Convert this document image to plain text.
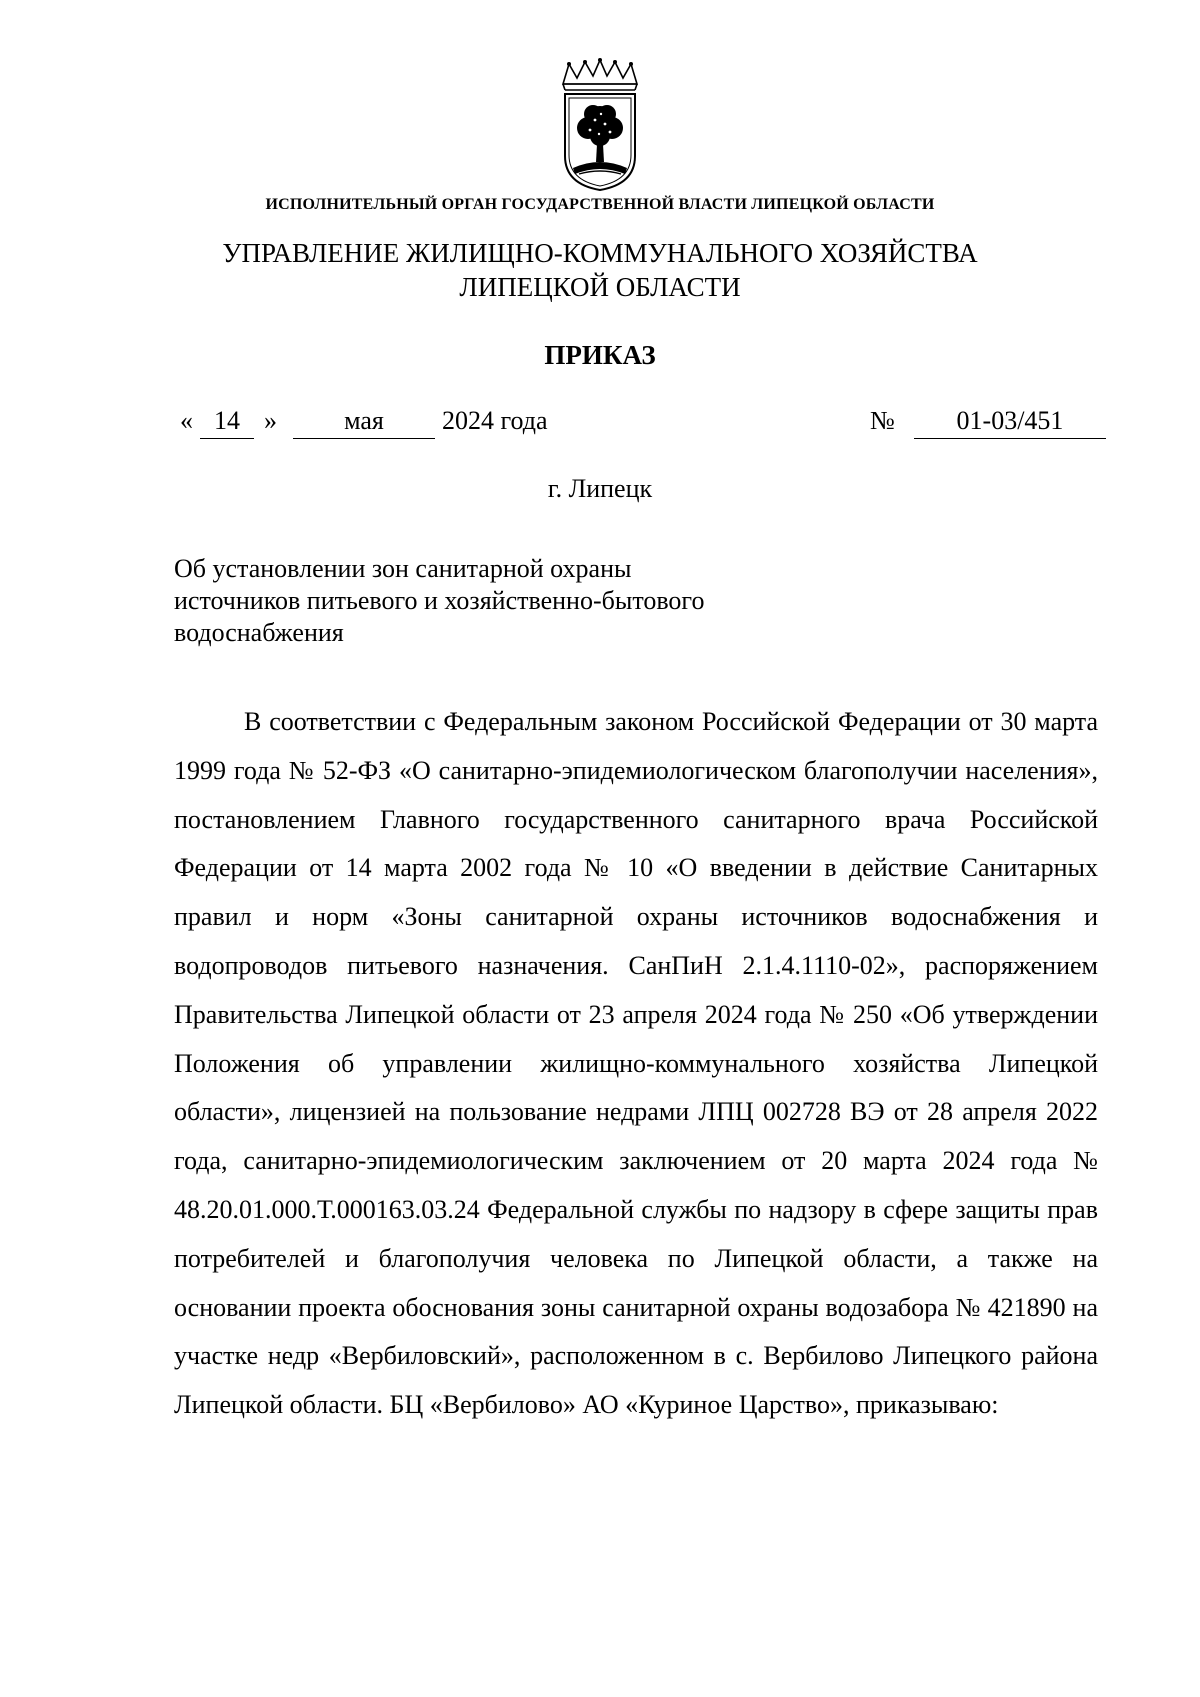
ИСПОЛНИТЕЛЬНЫЙ ОРГАН ГОСУДАРСТВЕННОЙ ВЛАСТИ ЛИПЕЦКОЙ ОБЛАСТИ
УПРАВЛЕНИЕ ЖИЛИЩНО-КОММУНАЛЬНОГО ХОЗЯЙСТВА
ЛИПЕЦКОЙ ОБЛАСТИ
ПРИКАЗ
« 14 »	мая	2024 года	№	01-03/451
г. Липецк
Об установлении зон санитарной охраны
источников питьевого и хозяйственно-бытового
водоснабжения

В соответствии с Федеральным законом Российской Федерации от 30 марта 1999 года № 52-ФЗ «О санитарно-эпидемиологическом благополучии населения», постановлением Главного государственного санитарного врача Российской Федерации от 14 марта 2002 года № 10 «О введении в действие Санитарных правил и норм «Зоны санитарной охраны источников водоснабжения и водопроводов питьевого назначения. СанПиН 2.1.4.1110-02», распоряжением Правительства Липецкой области от 23 апреля 2024 года № 250 «Об утверждении Положения об управлении жилищно-коммунального хозяйства Липецкой области», лицензией на пользование недрами ЛПЦ 002728 ВЭ от 28 апреля 2022 года, санитарно-эпидемиологическим заключением от 20 марта 2024 года № 48.20.01.000.Т.000163.03.24 Федеральной службы по надзору в сфере защиты прав потребителей и благополучия человека по Липецкой области, а также на основании проекта обоснования зоны санитарной охраны водозабора № 421890 на участке недр «Вербиловский», расположенном в с. Вербилово Липецкого района Липецкой области. БЦ «Вербилово» АО «Куриное Царство», приказываю:
